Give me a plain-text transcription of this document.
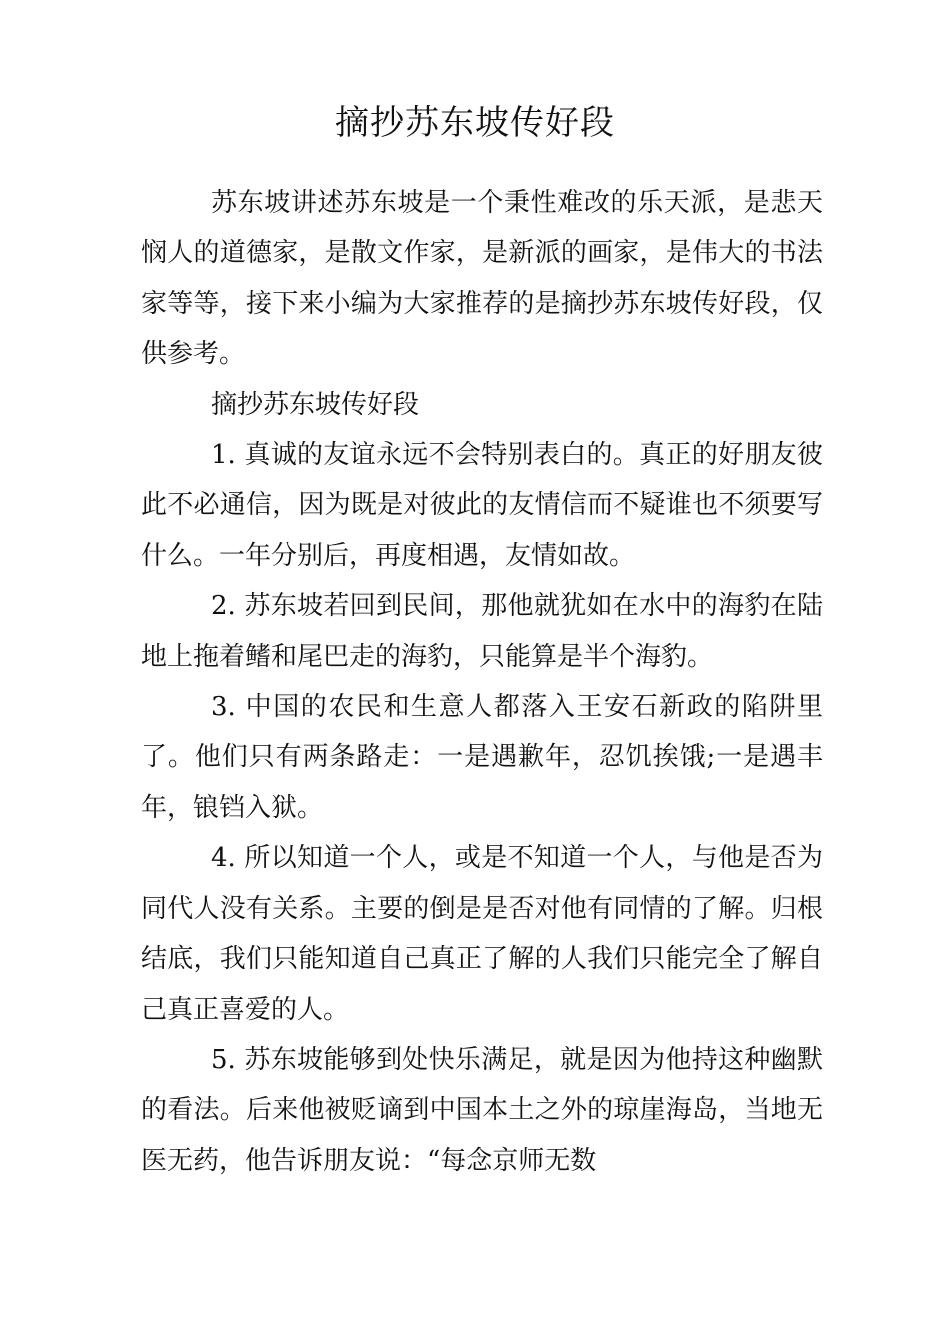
摘抄苏东坡传好段

苏东坡讲述苏东坡是一个秉性难改的乐天派，是悲天悯人的道德家，是散文作家，是新派的画家，是伟大的书法家等等，接下来小编为大家推荐的是摘抄苏东坡传好段，仅供参考。

摘抄苏东坡传好段

1. 真诚的友谊永远不会特别表白的。真正的好朋友彼此不必通信，因为既是对彼此的友情信而不疑谁也不须要写什么。一年分别后，再度相遇，友情如故。

2. 苏东坡若回到民间，那他就犹如在水中的海豹在陆地上拖着鳍和尾巴走的海豹，只能算是半个海豹。

3. 中国的农民和生意人都落入王安石新政的陷阱里了。他们只有两条路走：一是遇歉年，忍饥挨饿;一是遇丰年，锒铛入狱。

4. 所以知道一个人，或是不知道一个人，与他是否为同代人没有关系。主要的倒是是否对他有同情的了解。归根结底，我们只能知道自己真正了解的人我们只能完全了解自己真正喜爱的人。

5. 苏东坡能够到处快乐满足，就是因为他持这种幽默的看法。后来他被贬谪到中国本土之外的琼崖海岛，当地无医无药，他告诉朋友说：“每念京师无数
